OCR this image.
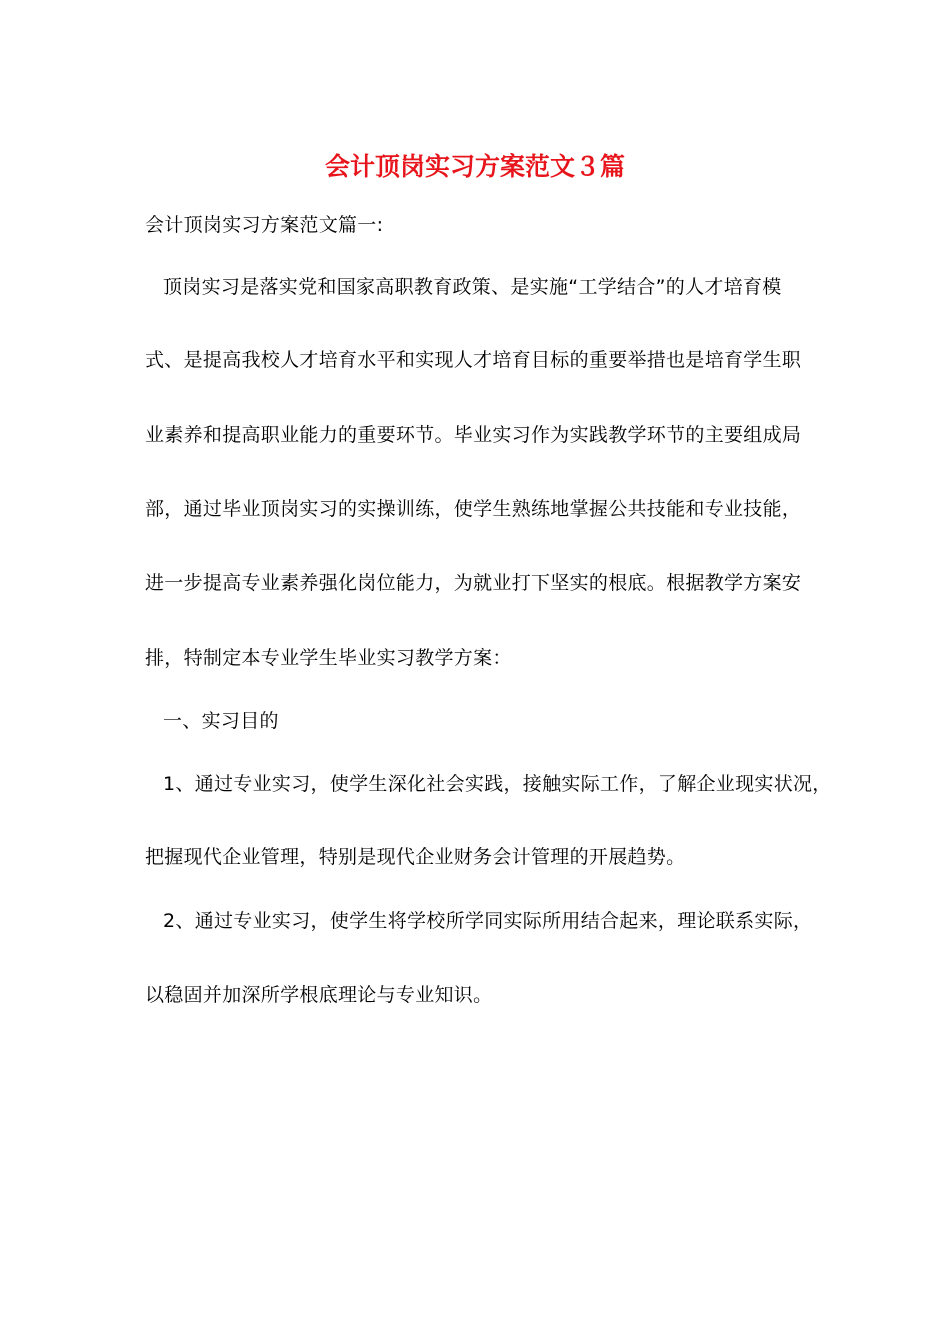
会计顶岗实习方案范文３篇
会计顶岗实习方案范文篇一:
顶岗实习是落实党和国家高职教育政策、是实施“工学结合”的人才培育模
式、是提高我校人才培育水平和实现人才培育目标的重要举措也是培育学生职
业素养和提高职业能力的重要环节。毕业实习作为实践教学环节的主要组成局
部，通过毕业顶岗实习的实操训练，使学生熟练地掌握公共技能和专业技能，
进一步提高专业素养强化岗位能力，为就业打下坚实的根底。根据教学方案安
排，特制定本专业学生毕业实习教学方案：
一、实习目的
1、通过专业实习，使学生深化社会实践，接触实际工作，了解企业现实状况，
把握现代企业管理，特别是现代企业财务会计管理的开展趋势。
2、通过专业实习，使学生将学校所学同实际所用结合起来，理论联系实际，
以稳固并加深所学根底理论与专业知识。
